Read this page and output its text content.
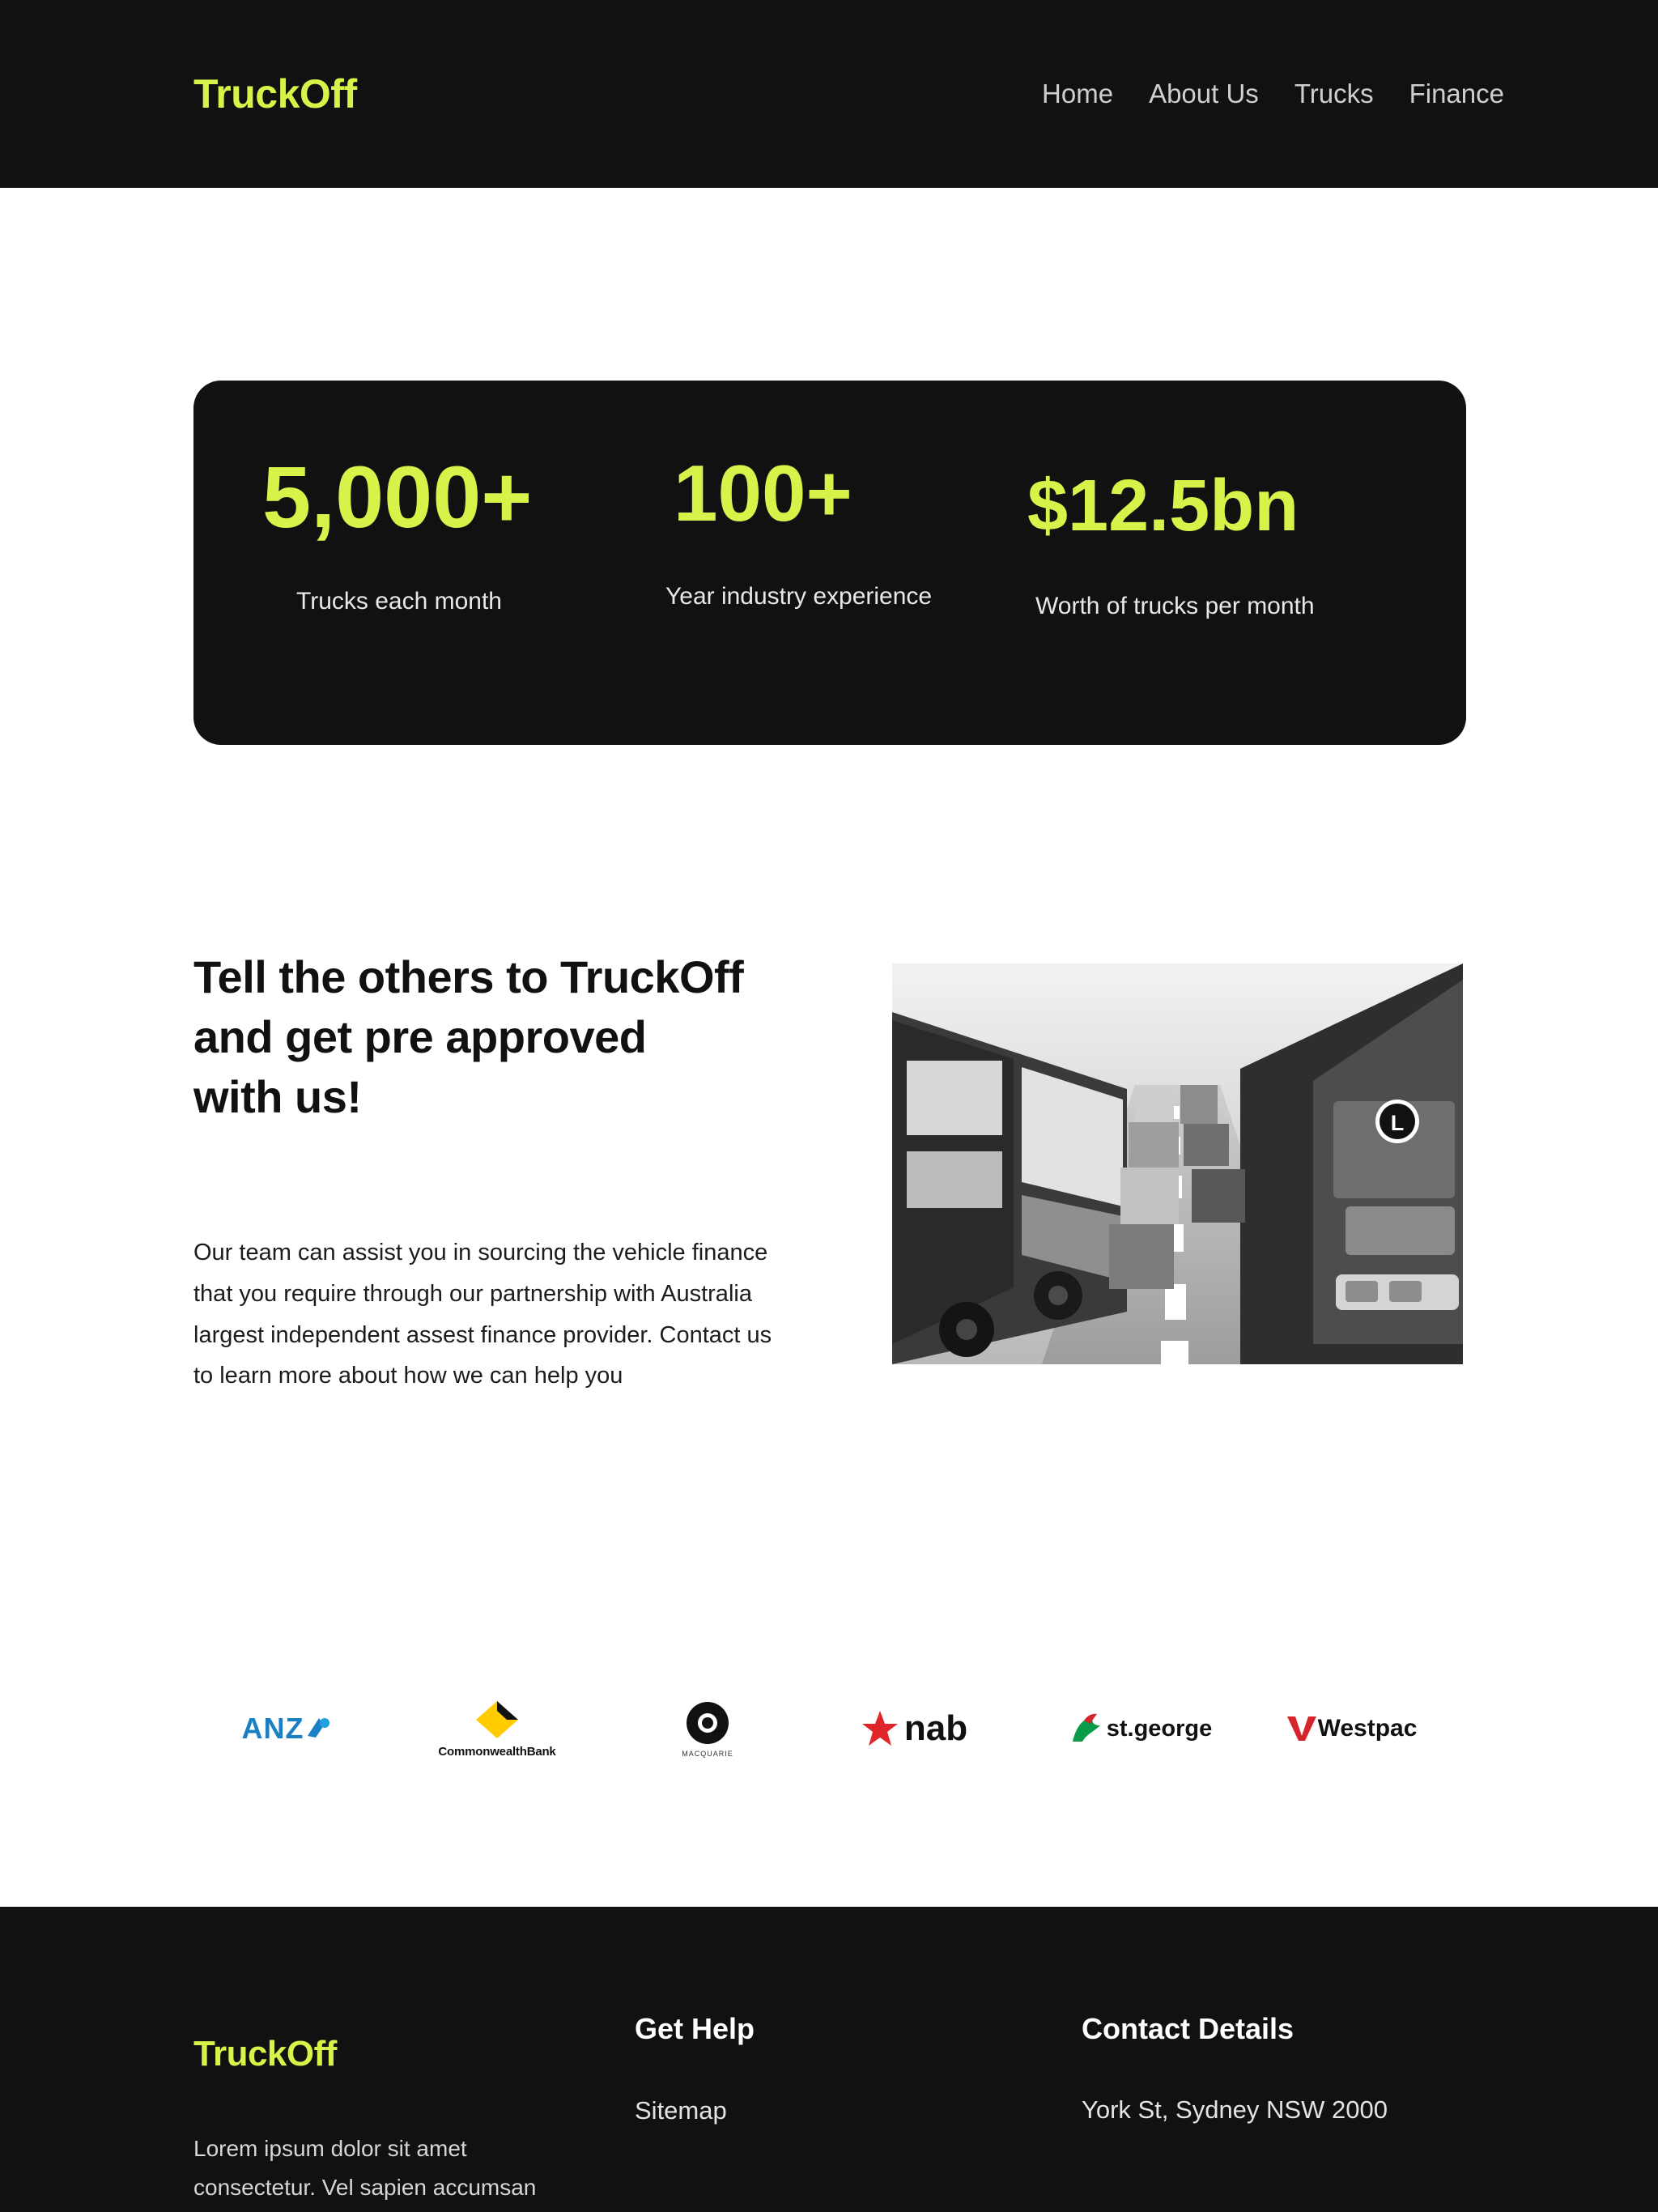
TruckOff	Home About Us Trucks Finance
5,000+
Trucks each month
100+
Year industry experience
$12.5bn
Worth of trucks per month
Tell the others to TruckOff and get pre approved with us!

Our team can assist you in sourcing the vehicle finance that you require through our partnership with Australia largest independent assest finance provider. Contact us to learn more about how we can help you

L
ANZ
CommonwealthBank	MACQUARIE
nab	st.george	Westpac
TruckOff

Lorem ipsum dolor sit amet consectetur. Vel sapien accumsan

Get Help
Sitemap
Contact Details
York St, Sydney NSW 2000
